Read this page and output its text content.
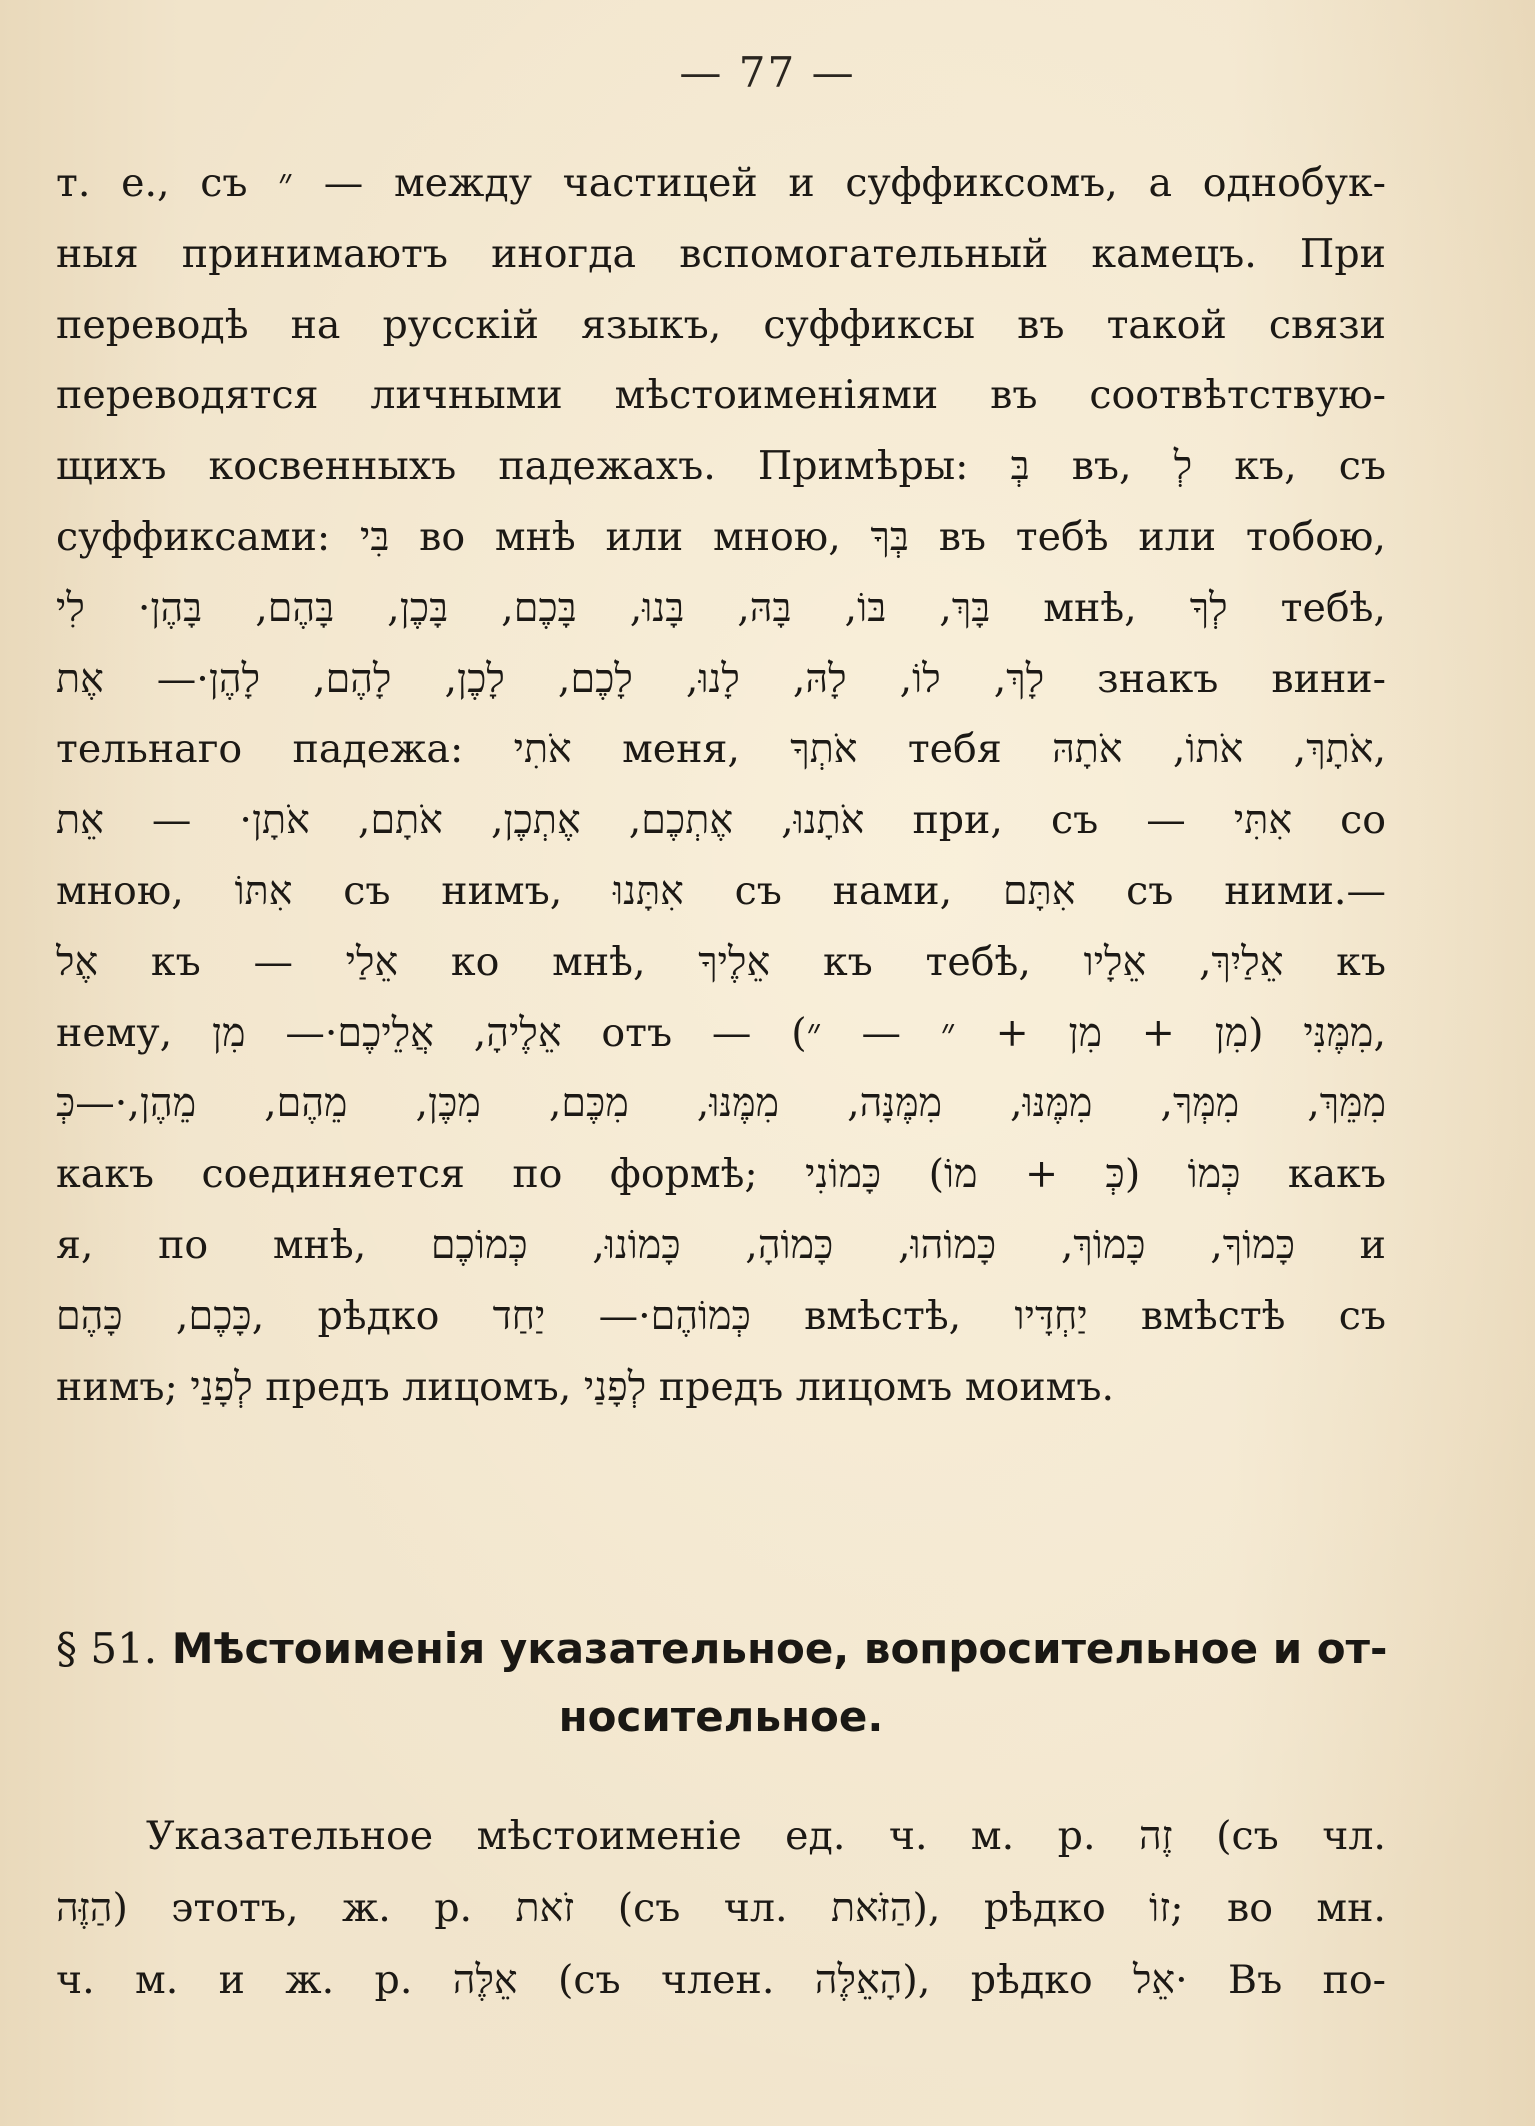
— 77 —
т. е., съ ״ — между частицей и суффиксомъ, а однобук-
ныя принимаютъ иногда вспомогательный камецъ. При
переводѣ на русскій языкъ, суффиксы въ такой связи
переводятся личными мѣстоименіями въ соотвѣтствую-
щихъ косвенныхъ падежахъ. Примѣры: בְּ въ, לְ къ, съ
суффиксами: בִּי во мнѣ или мною, בְּךָ въ тебѣ или тобою,
בָּךְ, בּוֹ, בָּהּ, בָּנוּ, בָּכֶם, בָּכֶן, בָּהֶם, בָּהֶן· לִי мнѣ, לְךָ тебѣ,
לָךְ, לוֹ, לָהּ, לָנוּ, לָכֶם, לָכֶן, לָהֶם, לָהֶן·— אֶת знакъ вини-
тельнаго падежа: אֹתִי меня, אֹתְךָ тебя אֹתָךְ, אֹתוֹ, אֹתָהּ,
אֹתָנוּ, אֶתְכֶם, אֶתְכֶן, אֹתָם, אֹתָן· — אֵת при, съ — אִתִּי со
мною, אִתּוֹ съ нимъ, אִתָּנוּ съ нами, אִתָּם съ ними.—
אֶל къ — אֵלַי ко мнѣ, אֵלֶיךָ къ тебѣ, אֵלַיִךְ, אֵלָיו къ
нему, אֵלֶיהָ, אֲלֵיכֶם·— מִן отъ — מִמֶּנִּי (מִן + מִן + ״ — ״),
מִמֵּךְ, מִמְּךָ, מִמֶּנּוּ, מִמֶּנָּה, מִמֶּנּוּ, מִכֶּם, מִכֶּן, מֵהֶם, מֵהֶן,·—כְּ
какъ соединяется по формѣ; כְּמוֹ (כְּ + מוֹ) כָּמוֹנִי какъ
я, по мнѣ, כָּמוֹךָ, כָּמוֹךְ, כָּמוֹהוּ, כָּמוֹהָ, כָּמוֹנוּ, כְּמוֹכֶם и
כָּכֶם, כָּהֶם, рѣдко כְּמוֹהֶם·— יַחַד вмѣстѣ, יַחְדָּיו вмѣстѣ съ
нимъ; לְפָנַי предъ лицомъ, לְפָנַי предъ лицомъ моимъ.
§ 51. Мѣстоименія указательное, вопросительное и от-
носительное.
Указательное мѣстоименіе ед. ч. м. р. זֶה (съ чл.
הַזֶּה) этотъ, ж. р. זֹאת (съ чл. הַזֹּאת), рѣдко זוֹ; во мн.
ч. м. и ж. р. אֵלֶּה (съ член. הָאֵלֶּה), рѣдко אֵל· Въ по-
